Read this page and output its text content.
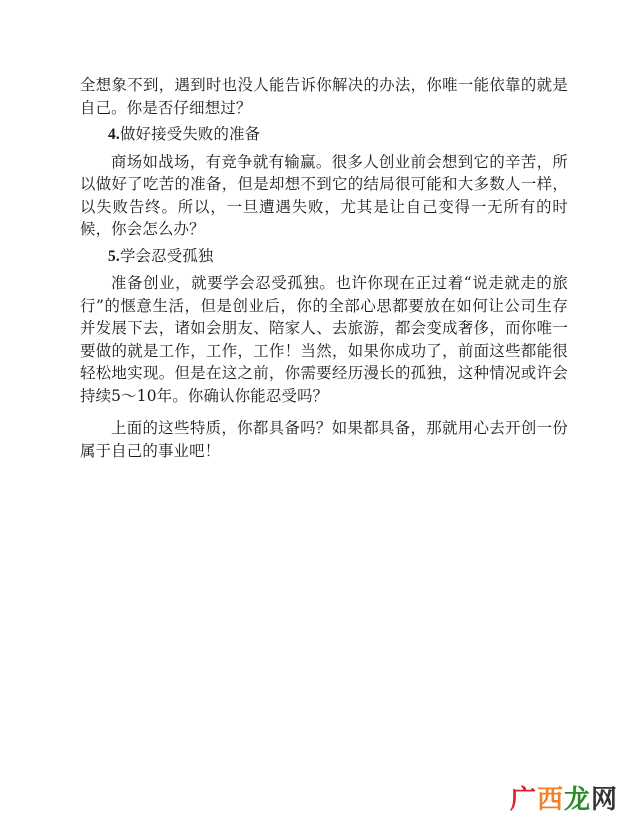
全想象不到，遇到时也没人能告诉你解决的办法，你唯一能依靠的就是自己。你是否仔细想过？

4.做好接受失败的准备

商场如战场，有竞争就有输赢。很多人创业前会想到它的辛苦，所以做好了吃苦的准备，但是却想不到它的结局很可能和大多数人一样，以失败告终。所以，一旦遭遇失败，尤其是让自己变得一无所有的时候，你会怎么办？

5.学会忍受孤独

准备创业，就要学会忍受孤独。也许你现在正过着“说走就走的旅行”的惬意生活，但是创业后，你的全部心思都要放在如何让公司生存并发展下去，诸如会朋友、陪家人、去旅游，都会变成奢侈，而你唯一要做的就是工作，工作，工作！当然，如果你成功了，前面这些都能很轻松地实现。但是在这之前，你需要经历漫长的孤独，这种情况或许会持续5～10年。你确认你能忍受吗？

上面的这些特质，你都具备吗？如果都具备，那就用心去开创一份属于自己的事业吧！

广西龙网
